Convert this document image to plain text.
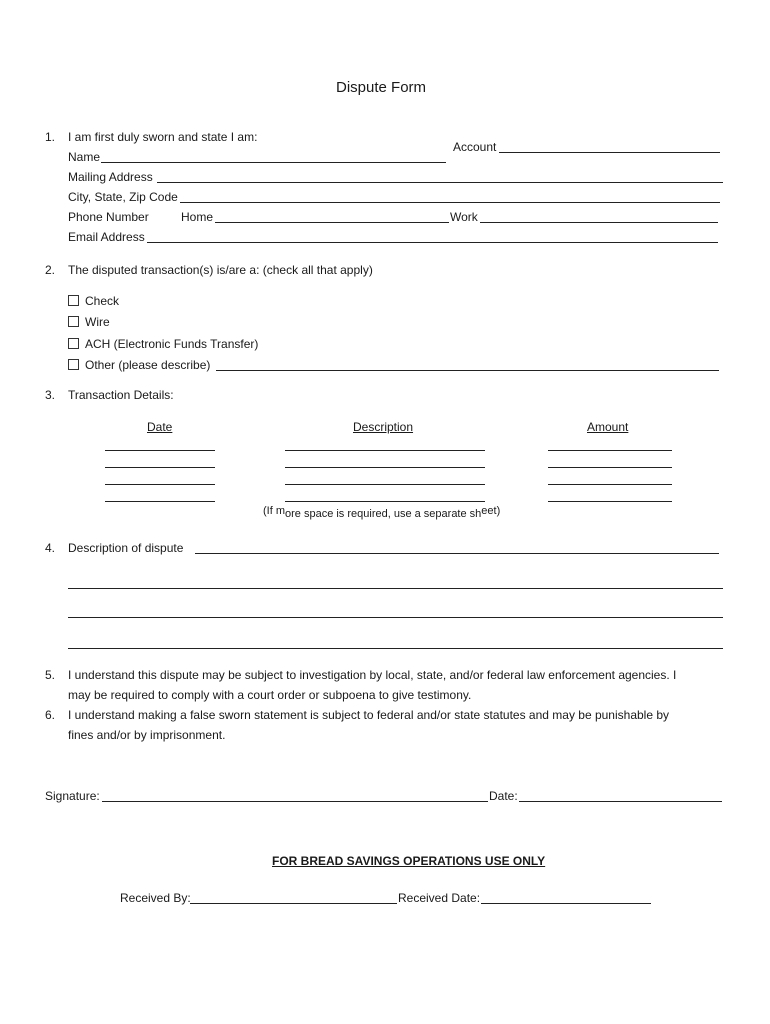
Dispute Form
1. I am first duly sworn and state I am:
Account
Name
Mailing Address
City, State, Zip Code
Phone Number	Home	Work
Email Address
2. The disputed transaction(s) is/are a: (check all that apply)
Check
Wire
ACH (Electronic Funds Transfer)
Other (please describe)
3. Transaction Details:
Date	Description	Amount
(If more space is required, use a separate sheet)
4. Description of dispute
5. I understand this dispute may be subject to investigation by local, state, and/or federal law enforcement agencies. I
may be required to comply with a court order or subpoena to give testimony.
6. I understand making a false sworn statement is subject to federal and/or state statutes and may be punishable by
fines and/or by imprisonment.
Signature:	Date:
FOR BREAD SAVINGS OPERATIONS USE ONLY
Received By:	Received Date:
